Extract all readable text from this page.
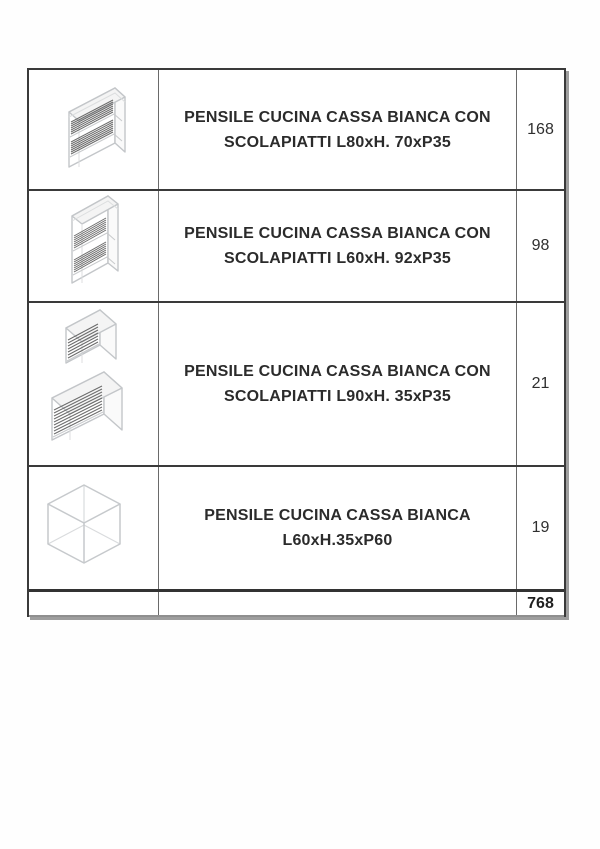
PENSILE CUCINA CASSA BIANCA CON
SCOLAPIATTI L80xH. 70xP35
168
PENSILE CUCINA CASSA BIANCA CON
SCOLAPIATTI L60xH. 92xP35
98
PENSILE CUCINA CASSA BIANCA CON
SCOLAPIATTI L90xH. 35xP35
21
PENSILE CUCINA CASSA BIANCA
L60xH.35xP60
19
768
